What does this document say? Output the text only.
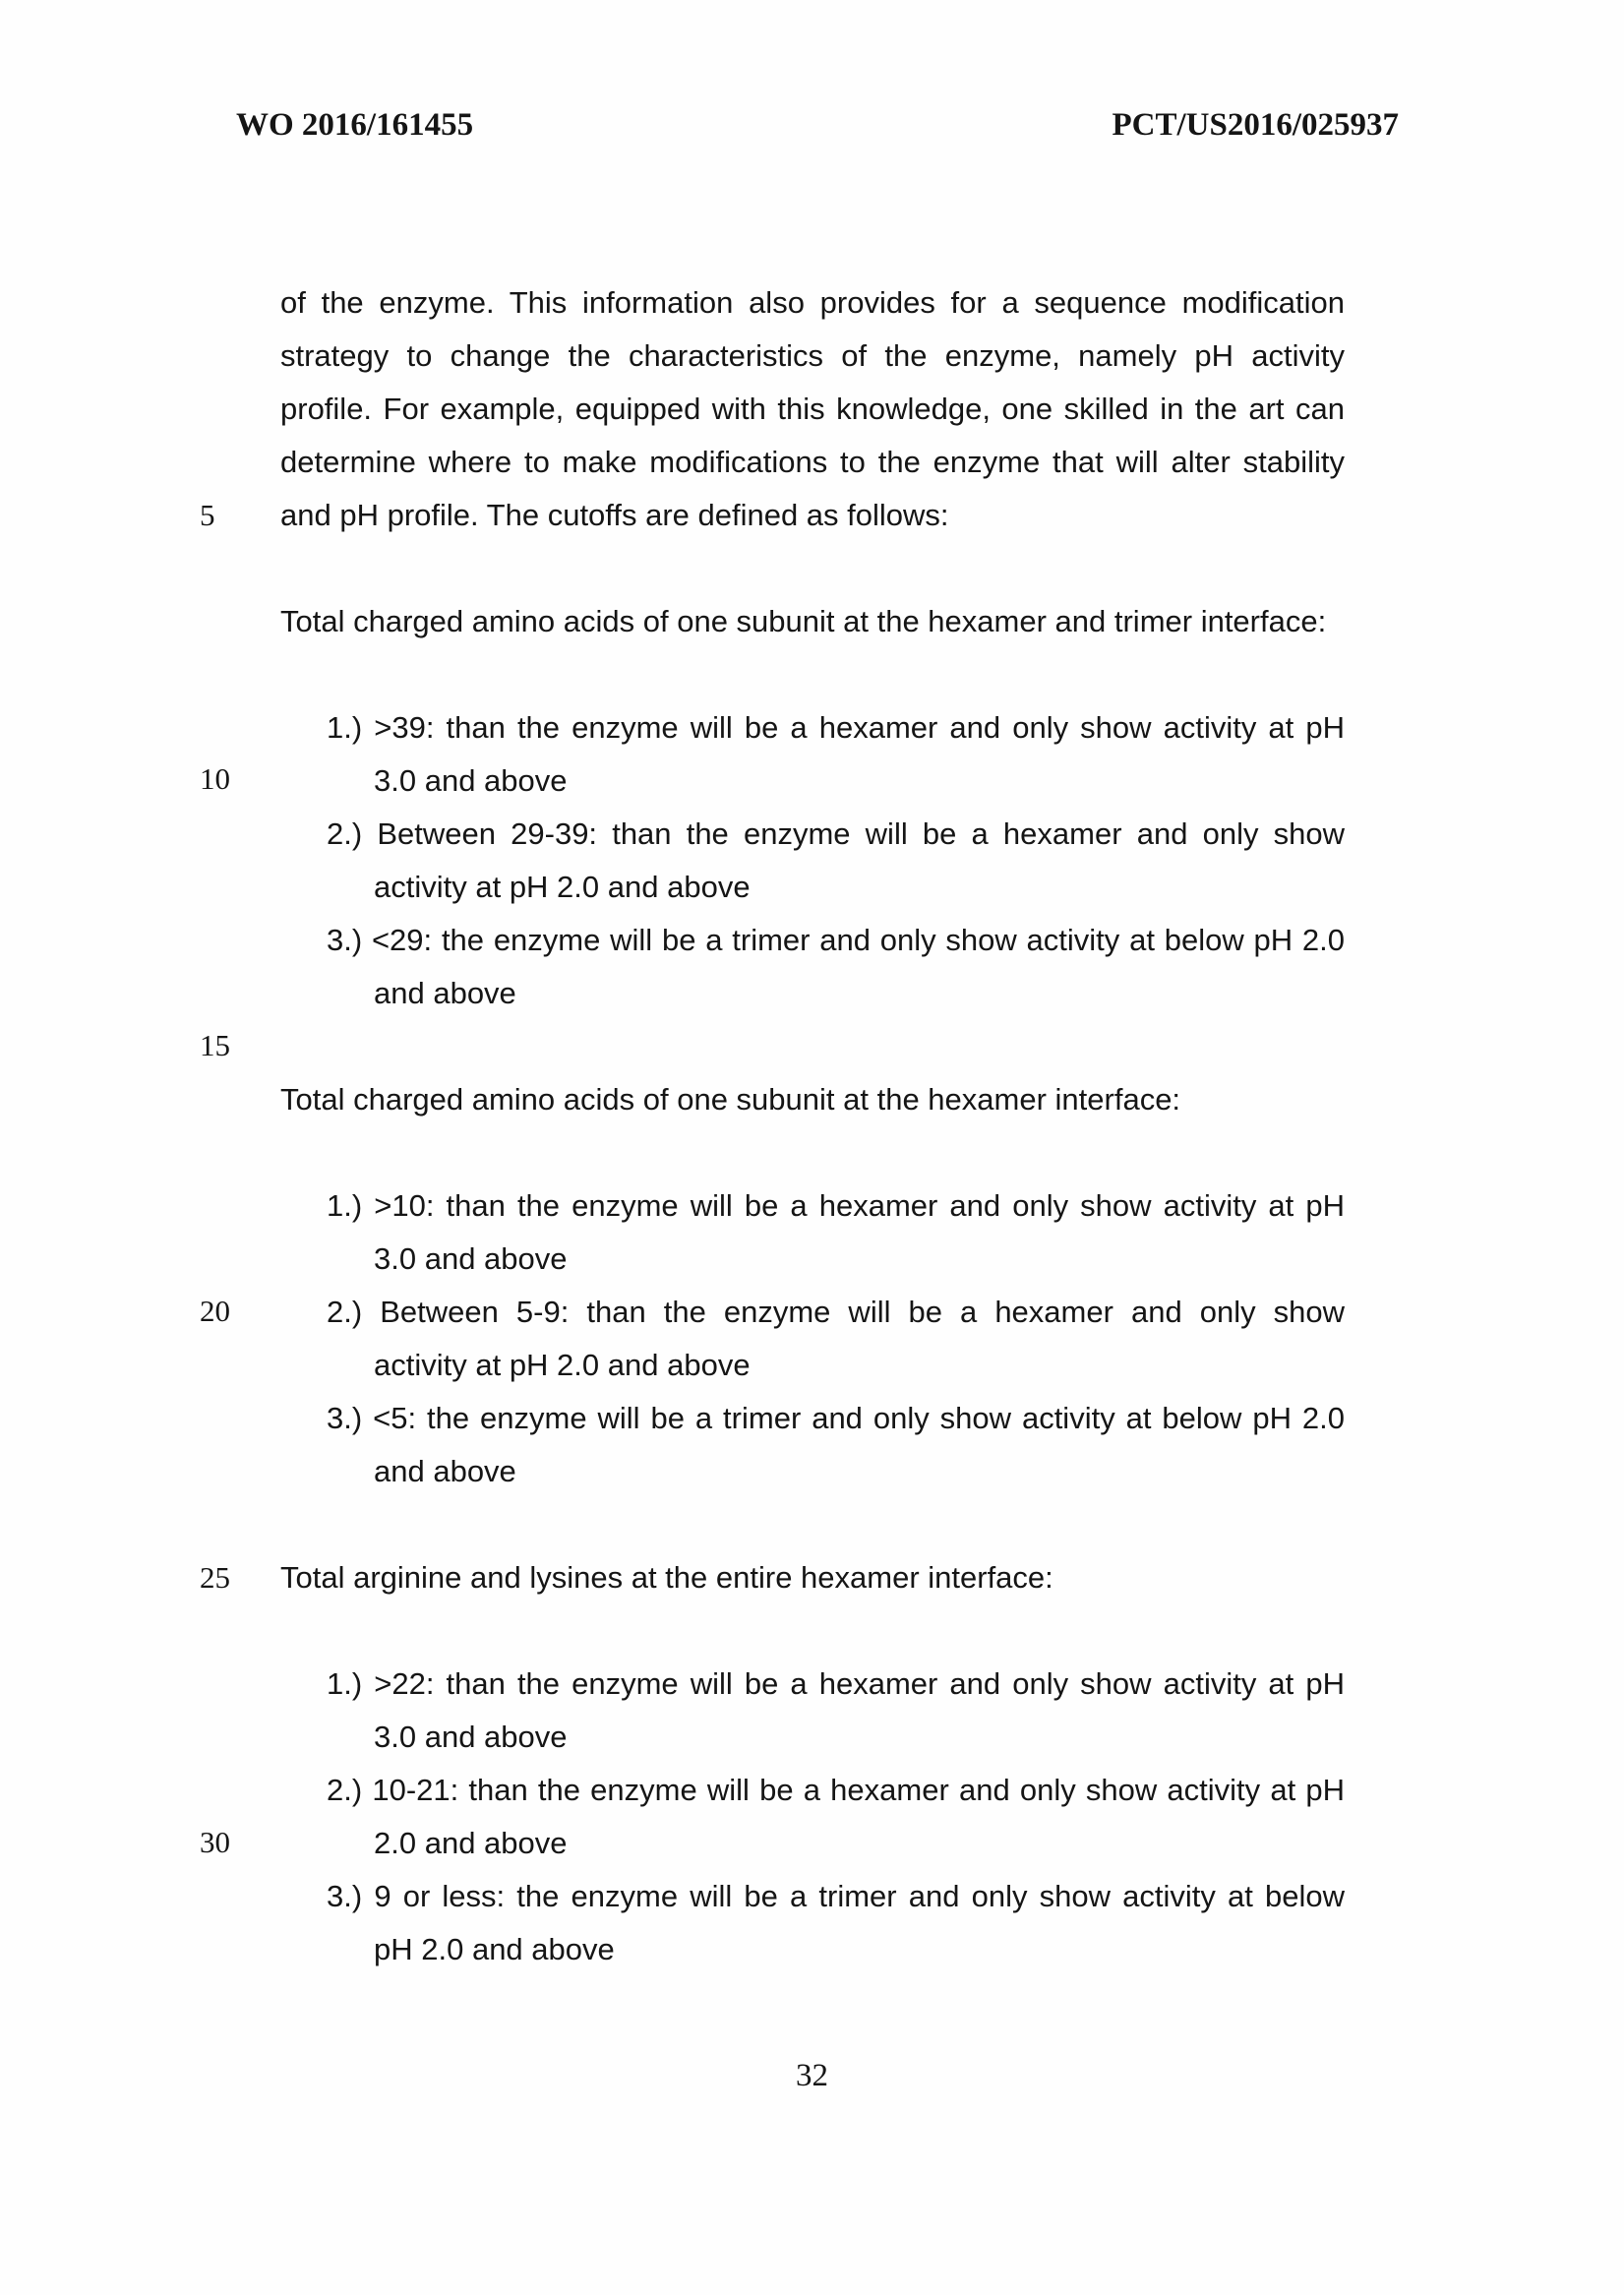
WO 2016/161455	PCT/US2016/025937
5
10
15
20
25
30
of the enzyme. This information also provides for a sequence modification
strategy to change the characteristics of the enzyme, namely pH activity
profile. For example, equipped with this knowledge, one skilled in the art can
determine where to make modifications to the enzyme that will alter stability
and pH profile. The cutoffs are defined as follows:
Total charged amino acids of one subunit at the hexamer and trimer interface:
1.) >39: than the enzyme will be a hexamer and only show activity at pH
3.0 and above
2.) Between 29-39: than the enzyme will be a hexamer and only show
activity at pH 2.0 and above
3.) <29: the enzyme will be a trimer and only show activity at below pH 2.0
and above
Total charged amino acids of one subunit at the hexamer interface:
1.) >10: than the enzyme will be a hexamer and only show activity at pH
3.0 and above
2.) Between 5-9: than the enzyme will be a hexamer and only show
activity at pH 2.0 and above
3.) <5: the enzyme will be a trimer and only show activity at below pH 2.0
and above
Total arginine and lysines at the entire hexamer interface:
1.) >22: than the enzyme will be a hexamer and only show activity at pH
3.0 and above
2.) 10-21: than the enzyme will be a hexamer and only show activity at pH
2.0 and above
3.) 9 or less: the enzyme will be a trimer and only show activity at below
pH 2.0 and above
32
